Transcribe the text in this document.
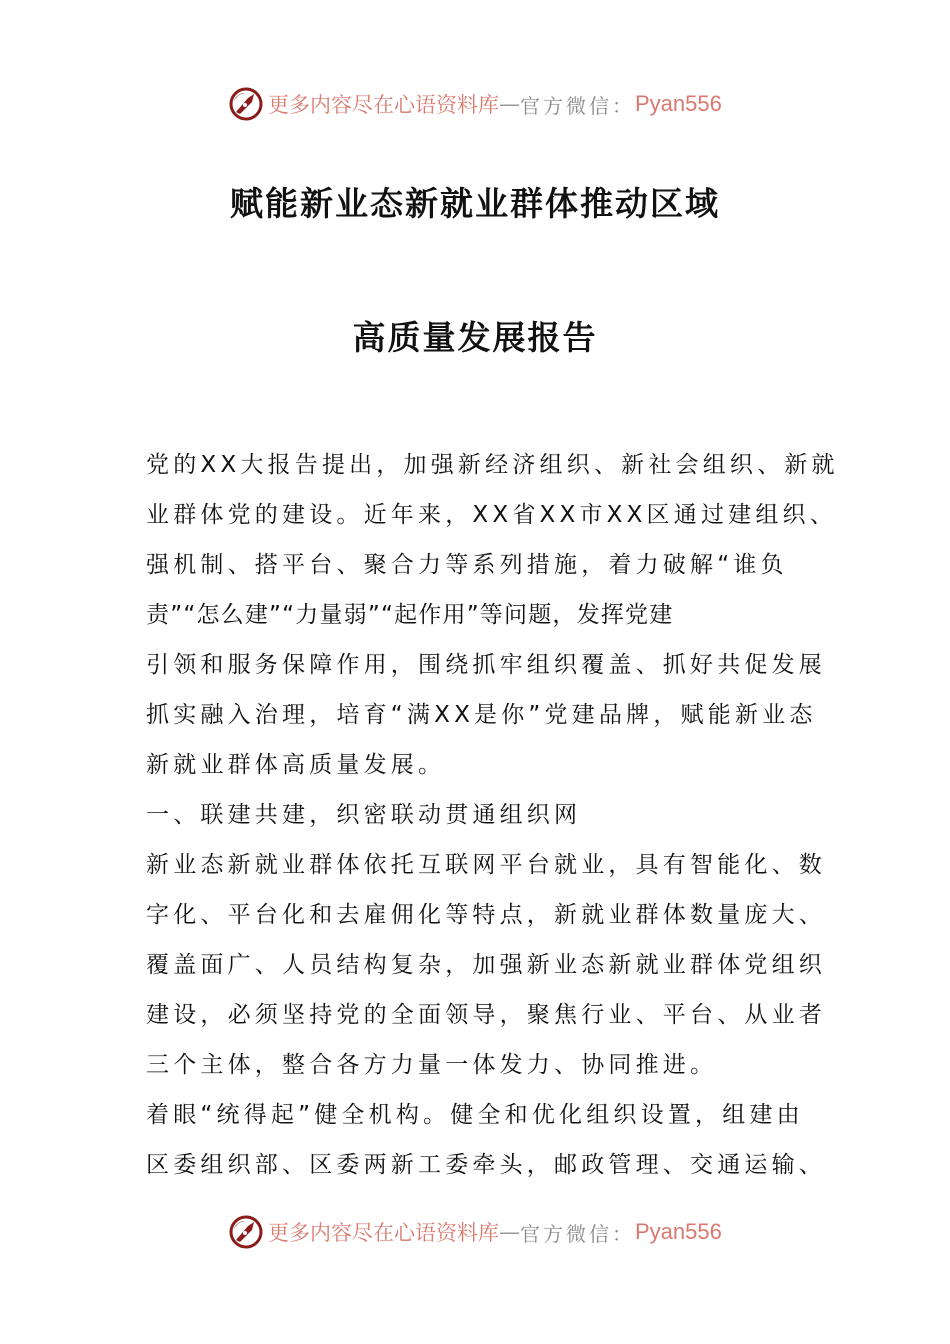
更多内容尽在心语资料库 — 官方微信： Pyan556
赋能新业态新就业群体推动区域
高质量发展报告
党的XX大报告提出，加强新经济组织、新社会组织、新就
业群体党的建设。近年来，XX省XX市XX区通过建组织、
强机制、搭平台、聚合力等系列措施，着力破解“谁负
责”“怎么建”“力量弱”“起作用”等问题，发挥党建
引领和服务保障作用，围绕抓牢组织覆盖、抓好共促发展
抓实融入治理，培育“满XX是你”党建品牌，赋能新业态
新就业群体高质量发展。
一、联建共建，织密联动贯通组织网
新业态新就业群体依托互联网平台就业，具有智能化、数
字化、平台化和去雇佣化等特点，新就业群体数量庞大、
覆盖面广、人员结构复杂，加强新业态新就业群体党组织
建设，必须坚持党的全面领导，聚焦行业、平台、从业者
三个主体，整合各方力量一体发力、协同推进。
着眼“统得起”健全机构。健全和优化组织设置，组建由
区委组织部、区委两新工委牵头，邮政管理、交通运输、
更多内容尽在心语资料库 — 官方微信： Pyan556
